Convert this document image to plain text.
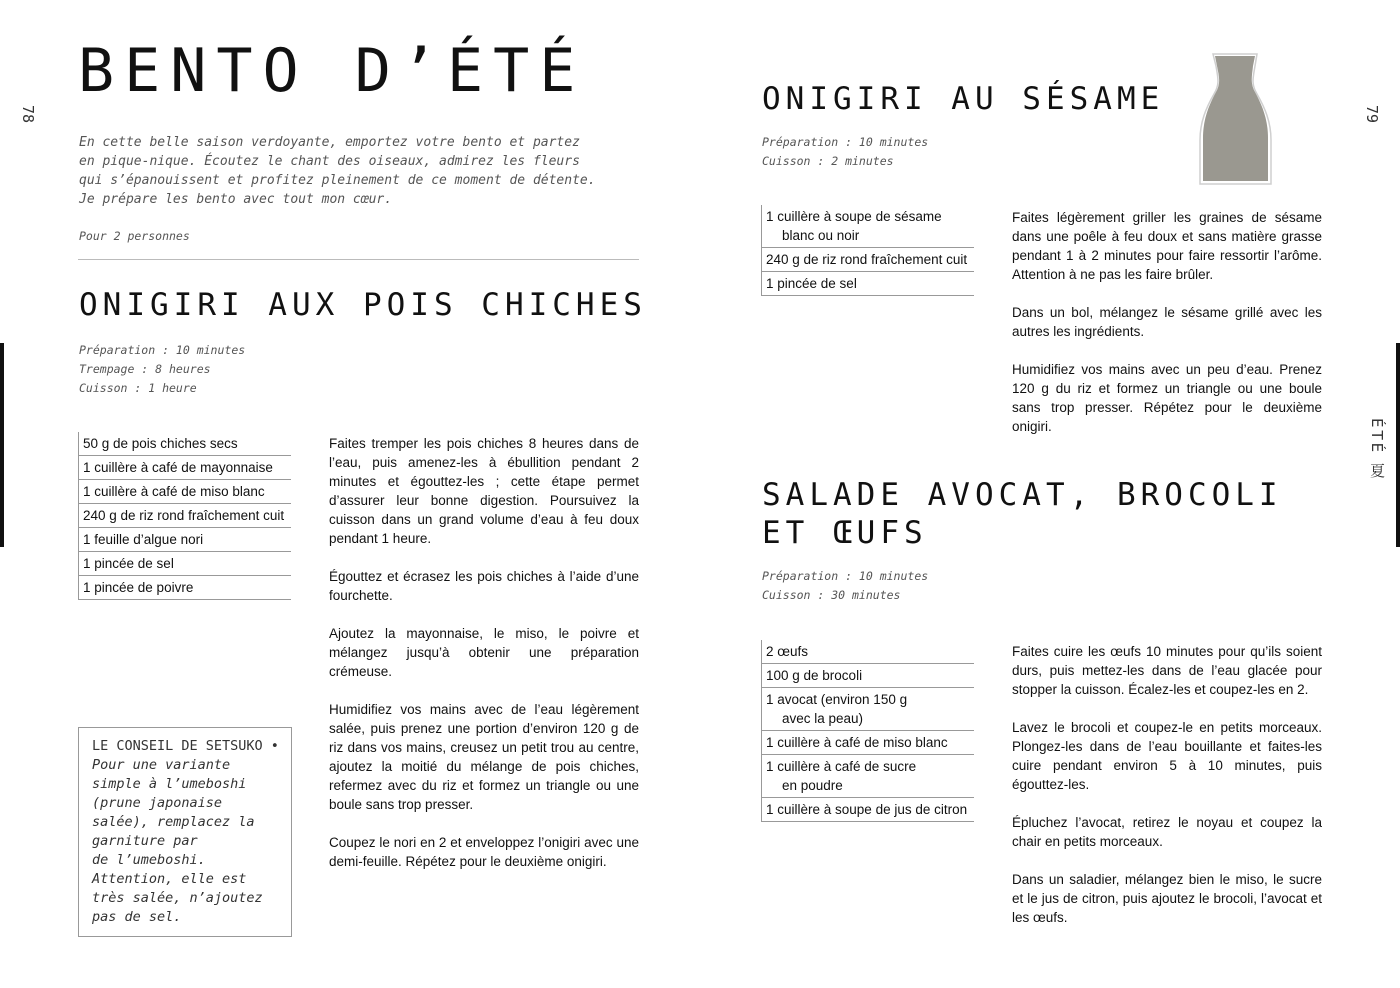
78	79
ÉTÉ 夏
BENTO D’ÉTÉ
En cette belle saison verdoyante, emportez votre bento et partez
en pique-nique. Écoutez le chant des oiseaux, admirez les fleurs
qui s’épanouissent et profitez pleinement de ce moment de détente.
Je prépare les bento avec tout mon cœur.
Pour 2 personnes
ONIGIRI AUX POIS CHICHES
Préparation : 10 minutes
Trempage : 8 heures
Cuisson : 1 heure
50 g de pois chiches secs
1 cuillère à café de mayonnaise
1 cuillère à café de miso blanc
240 g de riz rond fraîchement cuit
1 feuille d’algue nori
1 pincée de sel
1 pincée de poivre

Faites tremper les pois chiches 8 heures dans de l’eau, puis amenez-les à ébullition pendant 2 minutes et égouttez-les ; cette étape permet d’assurer leur bonne digestion. Poursuivez la cuisson dans un grand volume d’eau à feu doux pendant 1 heure.

Égouttez et écrasez les pois chiches à l’aide d’une fourchette.

Ajoutez la mayonnaise, le miso, le poivre et mélangez jusqu’à obtenir une préparation crémeuse.

Humidifiez vos mains avec de l’eau légèrement salée, puis prenez une portion d’environ 120 g de riz dans vos mains, creusez un petit trou au centre, ajoutez la moitié du mélange de pois chiches, refermez avec du riz et formez un triangle ou une boule sans trop presser.

Coupez le nori en 2 et enveloppez l’onigiri avec une demi-feuille. Répétez pour le deuxième onigiri.

LE CONSEIL DE SETSUKO •
Pour une variante
simple à l’umeboshi
(prune japonaise
salée), remplacez la
garniture par
de l’umeboshi.
Attention, elle est
très salée, n’ajoutez
pas de sel.
ONIGIRI AU SÉSAME
Préparation : 10 minutes
Cuisson : 2 minutes
1 cuillère à soupe de sésame
blanc ou noir
240 g de riz rond fraîchement cuit
1 pincée de sel

Faites légèrement griller les graines de sésame dans une poêle à feu doux et sans matière grasse pendant 1 à 2 minutes pour faire ressortir l’arôme. Attention à ne pas les faire brûler.

Dans un bol, mélangez le sésame grillé avec les autres les ingrédients.

Humidifiez vos mains avec un peu d’eau. Prenez 120 g du riz et formez un triangle ou une boule sans trop presser. Répétez pour le deuxième onigiri.

SALADE AVOCAT, BROCOLI
ET ŒUFS
Préparation : 10 minutes
Cuisson : 30 minutes
2 œufs
100 g de brocoli
1 avocat (environ 150 g
avec la peau)
1 cuillère à café de miso blanc
1 cuillère à café de sucre
en poudre
1 cuillère à soupe de jus de citron

Faites cuire les œufs 10 minutes pour qu’ils soient durs, puis mettez-les dans de l’eau glacée pour stopper la cuisson. Écalez-les et coupez-les en 2.

Lavez le brocoli et coupez-le en petits morceaux. Plongez-les dans de l’eau bouillante et faites-les cuire pendant environ 5 à 10 minutes, puis égouttez-les.

Épluchez l’avocat, retirez le noyau et coupez la chair en petits morceaux.

Dans un saladier, mélangez bien le miso, le sucre et le jus de citron, puis ajoutez le brocoli, l’avocat et les œufs.
